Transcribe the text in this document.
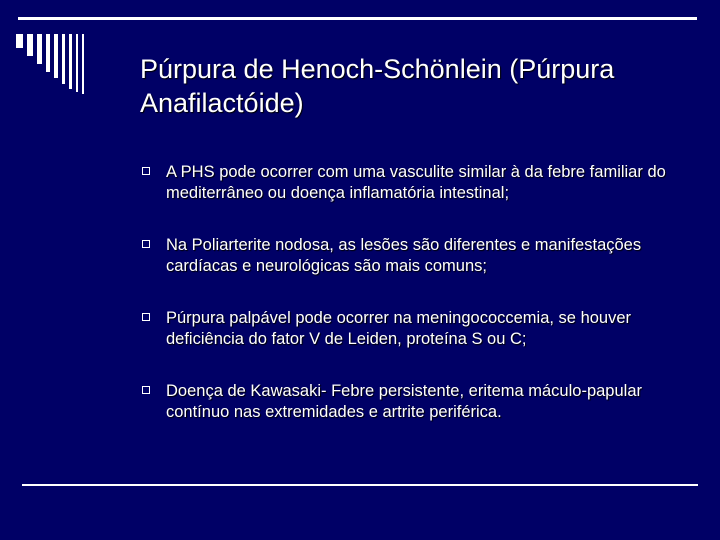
Púrpura de Henoch-Schönlein (Púrpura Anafilactóide)
A PHS pode ocorrer com uma vasculite similar à da febre familiar do mediterrâneo ou doença inflamatória intestinal;
Na Poliarterite nodosa, as lesões são diferentes e manifestações cardíacas e neurológicas são mais comuns;
Púrpura palpável pode ocorrer na meningococcemia, se houver deficiência do fator V de Leiden, proteína S ou C;
Doença de Kawasaki- Febre persistente, eritema máculo-papular contínuo nas extremidades e artrite periférica.
